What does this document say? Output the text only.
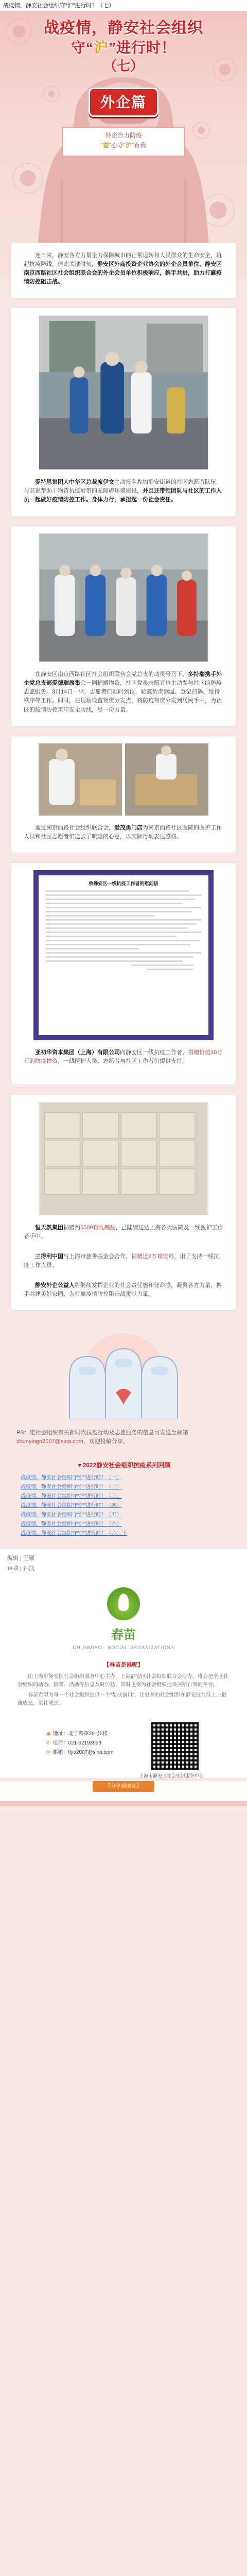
战疫情，静安社会组织守“沪”进行时！（七）
战疫情，静安社会组织
守“沪”进行时！
（七）
外企篇
外企合力防疫
“益”心守“沪”有我

连日来，静安各方力量全力保障城市的正常运转和人民群众的生命安全，筑起抗疫防线。值此关键时刻，静安区外商投资企业协会的外企会员单位、静安区南京西路社区社会组织联合会的外企会员单位积极响应，携手共进，助力打赢疫情防控阻击战。

爱特思集团大中华区总裁席伊文主动报名参加静安街道的社区志愿者队伍。与其说帮助于物资抗疫附带的无障碍环境建设，并且还带领团队与社区的工作人员一起做好疫情防控工作。身体力行，承担起一份社会责任。

在静安区南京西路社区社会组织联合会党总支的动员号召下，多特瑞携手外企党总支部爱德瑞旗集会一同捐赠物资，社区党员志愿者也主动参与社区的防疫志愿服务。3月14日一早，志愿者们准时到位，轮流负责测温、登记扫码、维持秩序等工作。同时，在现场设置物资分发点，将防疫物资分发到居民手中，为社区的疫情防控筑牢安全防线，尽一份力量。

通过南京西路社会组织联合会，爱茂勇门店为南京西路社区医院的医护工作人员和社区志愿者们送去了暖暖的心意，以实际行动表达感谢。

致静安区一线抗疫工作者的慰问信

亚初华资本集团（上海）有限公司向静安区一线抗疫工作者、捐赠价值10万元的防疫物资，一线医护人员、志愿者与社区工作者们提供支持。

恒天然集团捐赠约5500箱乳制品，已陆续送达上海各大医院及一线医护工作者手中。

三得利中国与上海市慈善基金会合作，捐赠近2万箱饮料，用于支持一线抗疫工作人员。

静安外企公益人将继续发挥企业的社会责任感和使命感，凝聚各方力量，携手共建美好家园，为打赢疫情防控阻击战贡献力量。

PS：定社会组织有关新时代抗疫行动及志愿服务的信息可发送至邮箱chunyingo2007@sina.com，欢迎投稿分享。
▼2022静安社会组织抗疫系列回顾
战疫情，静安社会组织守“沪”进行时！（一）
战疫情，静安社会组织守“沪”进行时！（二）
战疫情，静安社会组织守“沪”进行时！（三）
战疫情，静安社会组织守“沪”进行时！（四）
战疫情，静安社会组织守“沪”进行时！（五）
战疫情，静安社会组织守“沪”进行时！（六）
战疫情，静安社会组织守“沪”进行时！（六）下
编辑 | 王颖
审核 | 钟凯
春苗
CHUNMIAO · SOCIAL ORGANIZATIONS
【春苗是谁呢】

由上海市静安区社会组织服务中心主办，上海静安区社会组织联合会协办，将会把全区社会组织的动态、政策、活动等信息及时传达，同时也将为社会组织提供展示自我的平台。

春苗希望为每一个社会组织提供一个“帮扶窗口”，让更多的社会组织在静安这片沃土上健康成长，茁壮成长！

◉ 地址：北宁路第20号5楼
✆ 电话：021-62193593
✉ 邮箱：tlyo2007@sina.com
上海市静安区社会组织服务中心
【分享到朋友】
